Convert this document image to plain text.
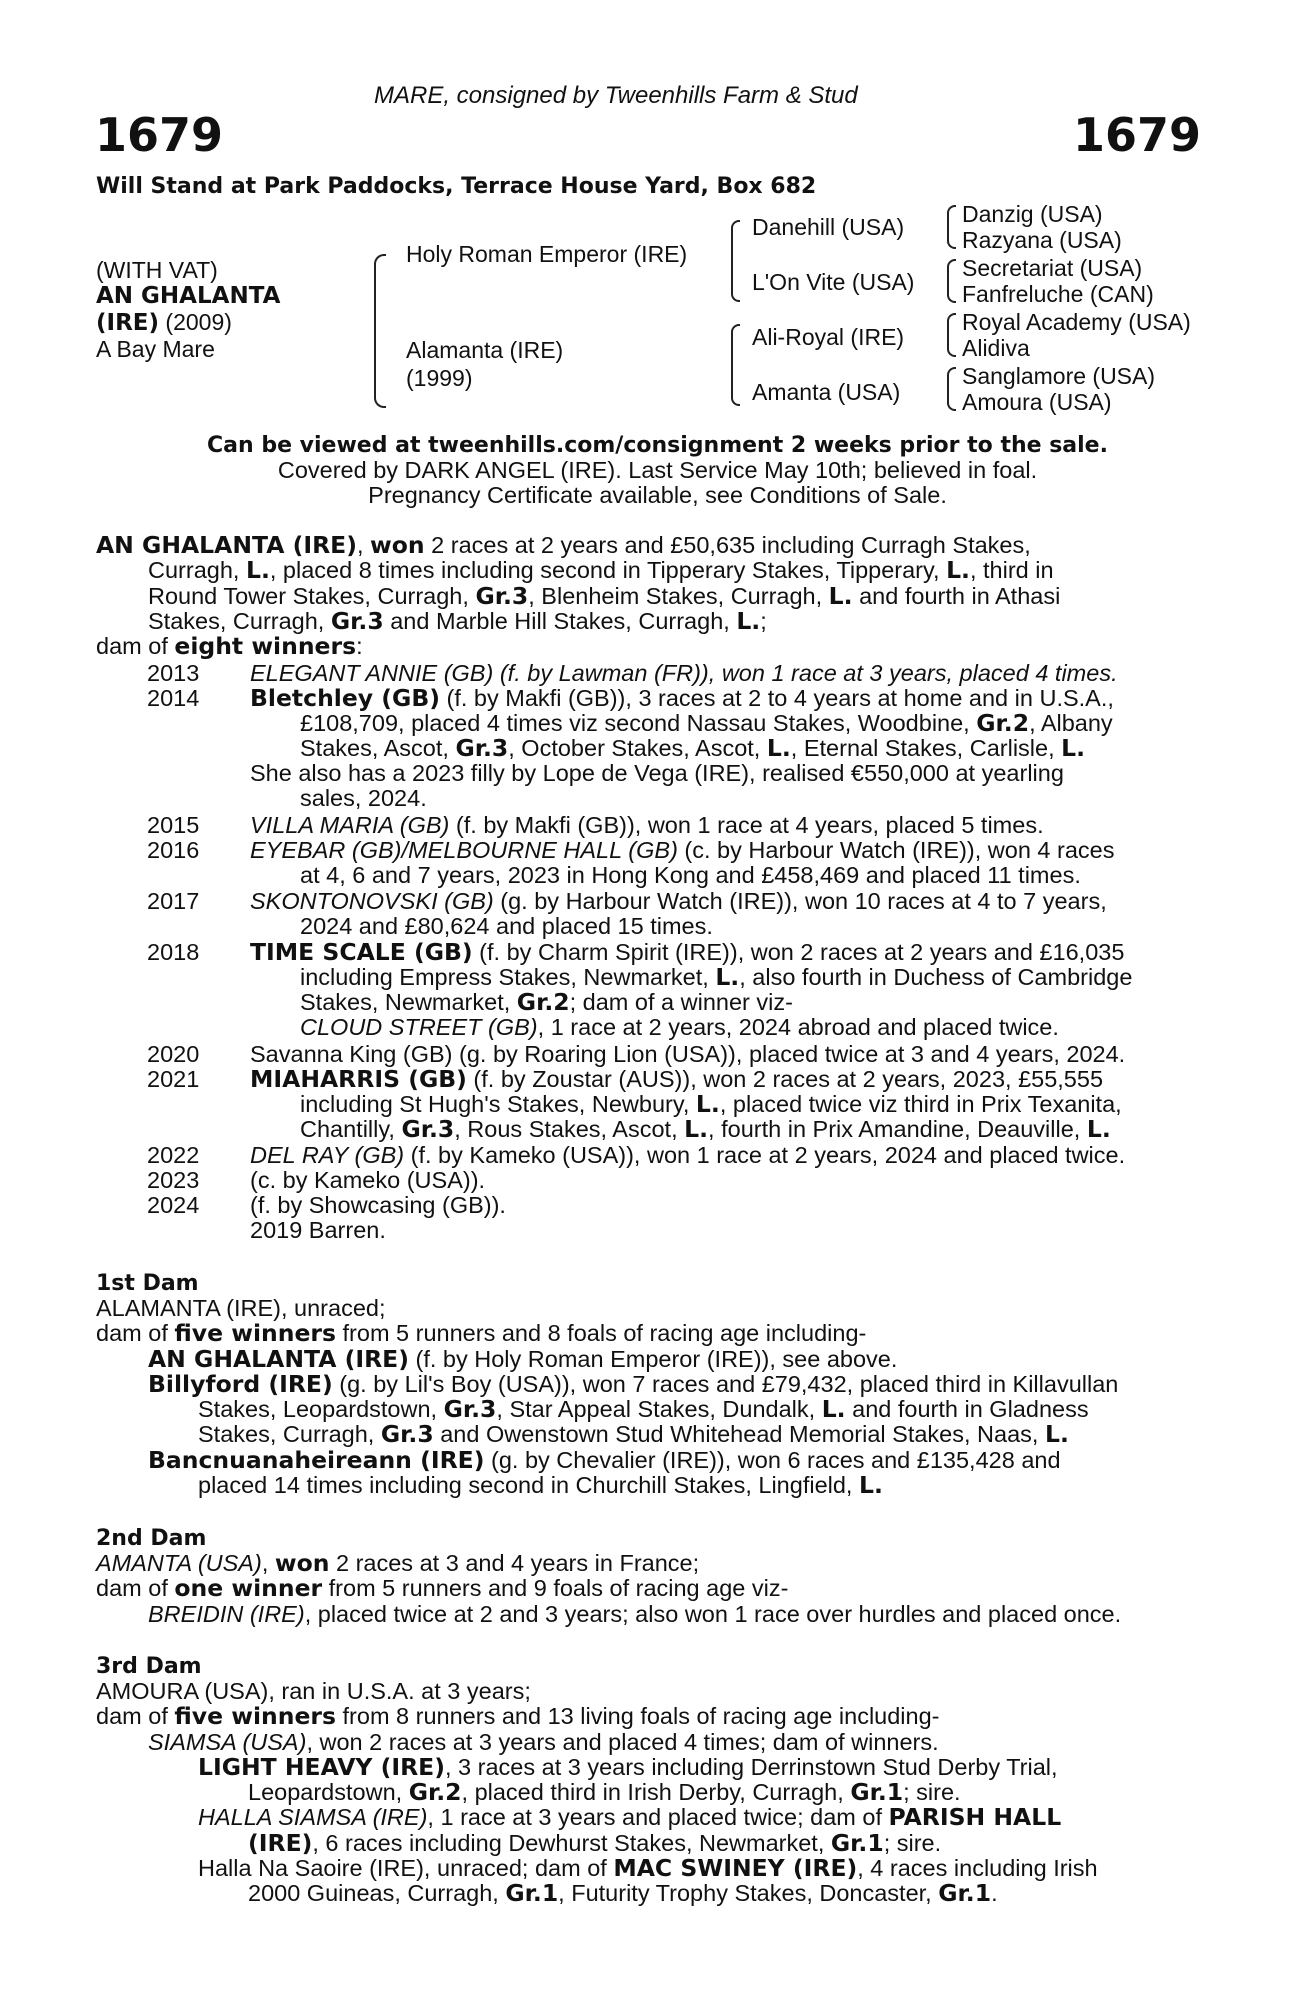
MARE, consigned by Tweenhills Farm & Stud
1679	1679
Will Stand at Park Paddocks, Terrace House Yard, Box 682
(WITH VAT)
AN GHALANTA
(IRE) (2009)
A Bay Mare
Holy Roman Emperor (IRE)
Alamanta (IRE)
(1999)
Danehill (USA)
L'On Vite (USA)
Ali-Royal (IRE)
Amanta (USA)
Danzig (USA)
Razyana (USA)
Secretariat (USA)
Fanfreluche (CAN)
Royal Academy (USA)
Alidiva
Sanglamore (USA)
Amoura (USA)
Can be viewed at tweenhills.com/consignment 2 weeks prior to the sale.
Covered by DARK ANGEL (IRE). Last Service May 10th; believed in foal.
Pregnancy Certificate available, see Conditions of Sale.
AN GHALANTA (IRE), won 2 races at 2 years and £50,635 including Curragh Stakes,
Curragh, L., placed 8 times including second in Tipperary Stakes, Tipperary, L., third in
Round Tower Stakes, Curragh, Gr.3, Blenheim Stakes, Curragh, L. and fourth in Athasi
Stakes, Curragh, Gr.3 and Marble Hill Stakes, Curragh, L.;
dam of eight winners:
2013	ELEGANT ANNIE (GB) (f. by Lawman (FR)), won 1 race at 3 years, placed 4 times.
2014	Bletchley (GB) (f. by Makfi (GB)), 3 races at 2 to 4 years at home and in U.S.A.,
£108,709, placed 4 times viz second Nassau Stakes, Woodbine, Gr.2, Albany
Stakes, Ascot, Gr.3, October Stakes, Ascot, L., Eternal Stakes, Carlisle, L.
She also has a 2023 filly by Lope de Vega (IRE), realised €550,000 at yearling
sales, 2024.
2015	VILLA MARIA (GB) (f. by Makfi (GB)), won 1 race at 4 years, placed 5 times.
2016	EYEBAR (GB)/MELBOURNE HALL (GB) (c. by Harbour Watch (IRE)), won 4 races
at 4, 6 and 7 years, 2023 in Hong Kong and £458,469 and placed 11 times.
2017	SKONTONOVSKI (GB) (g. by Harbour Watch (IRE)), won 10 races at 4 to 7 years,
2024 and £80,624 and placed 15 times.
2018	TIME SCALE (GB) (f. by Charm Spirit (IRE)), won 2 races at 2 years and £16,035
including Empress Stakes, Newmarket, L., also fourth in Duchess of Cambridge
Stakes, Newmarket, Gr.2; dam of a winner viz-
CLOUD STREET (GB), 1 race at 2 years, 2024 abroad and placed twice.
2020	Savanna King (GB) (g. by Roaring Lion (USA)), placed twice at 3 and 4 years, 2024.
2021	MIAHARRIS (GB) (f. by Zoustar (AUS)), won 2 races at 2 years, 2023, £55,555
including St Hugh's Stakes, Newbury, L., placed twice viz third in Prix Texanita,
Chantilly, Gr.3, Rous Stakes, Ascot, L., fourth in Prix Amandine, Deauville, L.
2022	DEL RAY (GB) (f. by Kameko (USA)), won 1 race at 2 years, 2024 and placed twice.
2023	(c. by Kameko (USA)).
2024	(f. by Showcasing (GB)).
2019 Barren.
1st Dam
ALAMANTA (IRE), unraced;
dam of five winners from 5 runners and 8 foals of racing age including-
AN GHALANTA (IRE) (f. by Holy Roman Emperor (IRE)), see above.
Billyford (IRE) (g. by Lil's Boy (USA)), won 7 races and £79,432, placed third in Killavullan
Stakes, Leopardstown, Gr.3, Star Appeal Stakes, Dundalk, L. and fourth in Gladness
Stakes, Curragh, Gr.3 and Owenstown Stud Whitehead Memorial Stakes, Naas, L.
Bancnuanaheireann (IRE) (g. by Chevalier (IRE)), won 6 races and £135,428 and
placed 14 times including second in Churchill Stakes, Lingfield, L.
2nd Dam
AMANTA (USA), won 2 races at 3 and 4 years in France;
dam of one winner from 5 runners and 9 foals of racing age viz-
BREIDIN (IRE), placed twice at 2 and 3 years; also won 1 race over hurdles and placed once.
3rd Dam
AMOURA (USA), ran in U.S.A. at 3 years;
dam of five winners from 8 runners and 13 living foals of racing age including-
SIAMSA (USA), won 2 races at 3 years and placed 4 times; dam of winners.
LIGHT HEAVY (IRE), 3 races at 3 years including Derrinstown Stud Derby Trial,
Leopardstown, Gr.2, placed third in Irish Derby, Curragh, Gr.1; sire.
HALLA SIAMSA (IRE), 1 race at 3 years and placed twice; dam of PARISH HALL
(IRE), 6 races including Dewhurst Stakes, Newmarket, Gr.1; sire.
Halla Na Saoire (IRE), unraced; dam of MAC SWINEY (IRE), 4 races including Irish
2000 Guineas, Curragh, Gr.1, Futurity Trophy Stakes, Doncaster, Gr.1.
